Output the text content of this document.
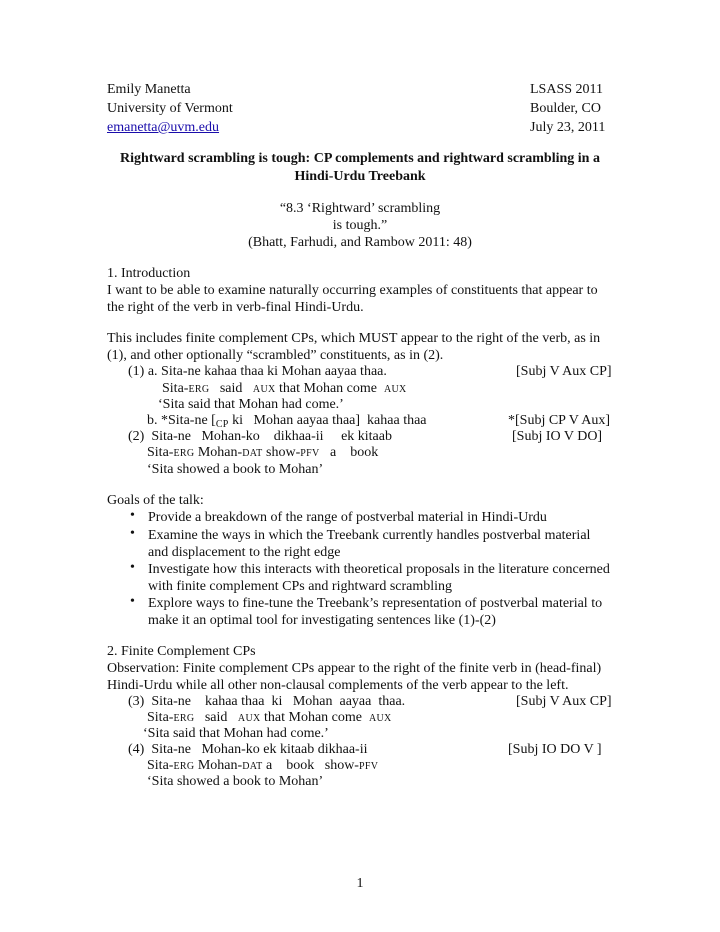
Emily Manetta
University of Vermont
emanetta@uvm.edu
LSASS 2011
Boulder, CO
July 23, 2011
Rightward scrambling is tough: CP complements and rightward scrambling in a
Hindi-Urdu Treebank
“8.3 ‘Rightward’ scrambling
is tough.”
(Bhatt, Farhudi, and Rambow 2011: 48)
1. Introduction
I want to be able to examine naturally occurring examples of constituents that appear to
the right of the verb in verb-final Hindi-Urdu.
This includes finite complement CPs, which MUST appear to the right of the verb, as in
(1), and other optionally “scrambled” constituents, as in (2).
(1) a. Sita-ne kahaa thaa ki Mohan aayaa thaa.	[Subj V Aux CP]
Sita-ERG   said   AUX that Mohan come  AUX
‘Sita said that Mohan had come.’
b. *Sita-ne [$_{CP}$ ki   Mohan aayaa thaa]  kahaa thaa	*[Subj CP V Aux]
(2)  Sita-ne   Mohan-ko    dikhaa-ii     ek kitaab	[Subj IO V DO]
Sita-ERG Mohan-DAT show-PFV   a    book
‘Sita showed a book to Mohan’
Goals of the talk:
• Provide a breakdown of the range of postverbal material in Hindi-Urdu
• Examine the ways in which the Treebank currently handles postverbal material
and displacement to the right edge
• Investigate how this interacts with theoretical proposals in the literature concerned
with finite complement CPs and rightward scrambling
• Explore ways to fine-tune the Treebank’s representation of postverbal material to
make it an optimal tool for investigating sentences like (1)-(2)
2. Finite Complement CPs
Observation: Finite complement CPs appear to the right of the finite verb in (head-final)
Hindi-Urdu while all other non-clausal complements of the verb appear to the left.
(3)  Sita-ne    kahaa thaa  ki   Mohan  aayaa  thaa.	[Subj V Aux CP]
Sita-ERG   said   AUX that Mohan come  AUX
‘Sita said that Mohan had come.’
(4)  Sita-ne   Mohan-ko ek kitaab dikhaa-ii	[Subj IO DO V ]
Sita-ERG Mohan-DAT a    book   show-PFV
‘Sita showed a book to Mohan’
1
